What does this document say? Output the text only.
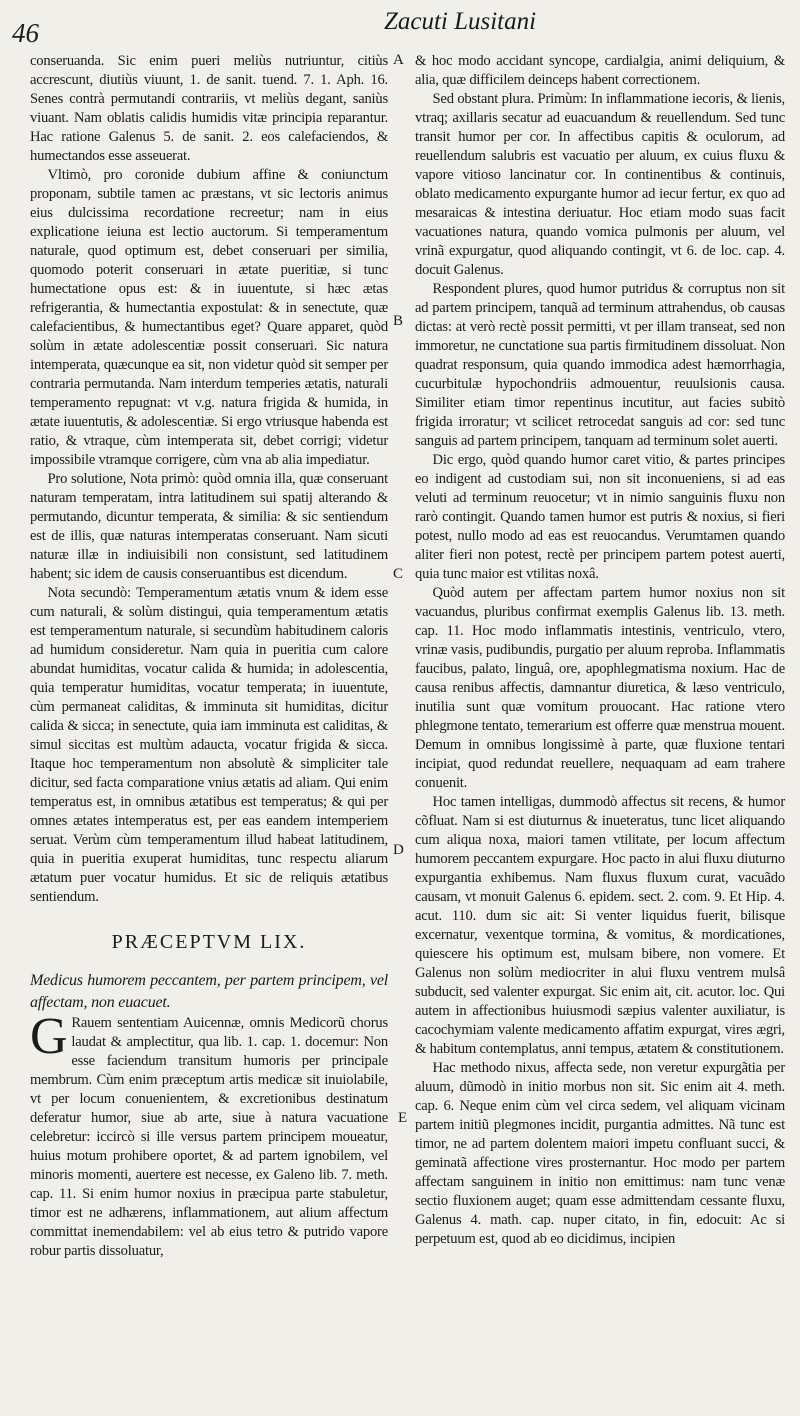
46	Zacuti Lusitani

conseruanda. Sic enim pueri meliùs nutriuntur, citiùs accrescunt, diutiùs viuunt, 1. de sanit. tuend. 7. 1. Aph. 16. Senes contrà permutandi contrariis, vt meliùs degant, saniùs viuant. Nam oblatis calidis humidis vitæ principia reparantur. Hac ratione Galenus 5. de sanit. 2. eos calefaciendos, & humectandos esse asseuerat.

Vltimò, pro coronide dubium affine & coniunctum proponam, subtile tamen ac præstans, vt sic lectoris animus eius dulcissima recordatione recreetur; nam in eius explicatione ieiuna est lectio auctorum. Si temperamentum naturale, quod optimum est, debet conseruari per similia, quomodo poterit conseruari in ætate pueritiæ, si tunc humectatione opus est: & in iuuentute, si hæc ætas refrigerantia, & humectantia expostulat: & in senectute, quæ calefacientibus, & humectantibus eget? Quare apparet, quòd solùm in ætate adolescentiæ possit conseruari. Sic natura intemperata, quæcunque ea sit, non videtur quòd sit semper per contraria permutanda. Nam interdum temperies ætatis, naturali temperamento repugnat: vt v.g. natura frigida & humida, in ætate iuuentutis, & adolescentiæ. Si ergo vtriusque habenda est ratio, & vtraque, cùm intemperata sit, debet corrigi; videtur impossibile vtramque corrigere, cùm vna ab alia impediatur.

Pro solutione, Nota primò: quòd omnia illa, quæ conseruant naturam temperatam, intra latitudinem sui spatij alterando & permutando, dicuntur temperata, & similia: & sic sentiendum est de illis, quæ naturas intemperatas conseruant. Nam sicuti naturæ illæ in indiuisibili non consistunt, sed latitudinem habent; sic idem de causis conseruantibus est dicendum.

Nota secundò: Temperamentum ætatis vnum & idem esse cum naturali, & solùm distingui, quia temperamentum ætatis est temperamentum naturale, si secundùm habitudinem caloris ad humidum consideretur. Nam quia in pueritia cum calore abundat humiditas, vocatur calida & humida; in adolescentia, quia temperatur humiditas, vocatur temperata; in iuuentute, cùm permaneat caliditas, & imminuta sit humiditas, dicitur calida & sicca; in senectute, quia iam imminuta est caliditas, & simul siccitas est multùm adaucta, vocatur frigida & sicca. Itaque hoc temperamentum non absolutè & simpliciter tale dicitur, sed facta comparatione vnius ætatis ad aliam. Qui enim temperatus est, in omnibus ætatibus est temperatus; & qui per omnes ætates intemperatus est, per eas eandem intemperiem seruat. Verùm cùm temperamentum illud habeat latitudinem, quia in pueritia exuperat humiditas, tunc respectu aliarum ætatum puer vocatur humidus. Et sic de reliquis ætatibus sentiendum.

PRÆCEPTVM LIX.

Medicus humorem peccantem, per partem principem, vel affectam, non euacuet.

G Rauem sententiam Auicennæ, omnis Medicorũ chorus laudat & amplectitur, qua lib. 1. cap. 1. docemur: Non esse faciendum transitum humoris per principale membrum. Cùm enim præceptum artis medicæ sit inuiolabile, vt per locum conuenientem, & excretionibus destinatum deferatur humor, siue ab arte, siue à natura vacuatione celebretur: iccircò si ille versus partem principem moueatur, huius motum prohibere oportet, & ad partem ignobilem, vel minoris momenti, auertere est necesse, ex Galeno lib. 7. meth. cap. 11. Si enim humor noxius in præcipua parte stabuletur, timor est ne adhærens, inflammationem, aut alium affectum committat inemendabilem: vel ab eius tetro & putrido vapore robur partis dissoluatur,

A
B
C
D
E

& hoc modo accidant syncope, cardialgia, animi deliquium, & alia, quæ difficilem deinceps habent correctionem.

Sed obstant plura. Primùm: In inflammatione iecoris, & lienis, vtraq; axillaris secatur ad euacuandum & reuellendum. Sed tunc transit humor per cor. In affectibus capitis & oculorum, ad reuellendum salubris est vacuatio per aluum, ex cuius fluxu & vapore vitioso lancinatur cor. In continentibus & continuis, oblato medicamento expurgante humor ad iecur fertur, ex quo ad mesaraicas & intestina deriuatur. Hoc etiam modo suas facit vacuationes natura, quando vomica pulmonis per aluum, vel vrinã expurgatur, quod aliquando contingit, vt 6. de loc. cap. 4. docuit Galenus.

Respondent plures, quod humor putridus & corruptus non sit ad partem principem, tanquã ad terminum attrahendus, ob causas dictas: at verò rectè possit permitti, vt per illam transeat, sed non immoretur, ne cunctatione sua partis firmitudinem dissoluat. Non quadrat responsum, quia quando immodica adest hæmorrhagia, cucurbitulæ hypochondriis admouentur, reuulsionis causa. Similiter etiam timor repentinus incutitur, aut facies subitò frigida irroratur; vt scilicet retrocedat sanguis ad cor: sed tunc sanguis ad partem principem, tanquam ad terminum solet auerti.

Dic ergo, quòd quando humor caret vitio, & partes principes eo indigent ad custodiam sui, non sit inconueniens, si ad eas veluti ad terminum reuocetur; vt in nimio sanguinis fluxu non rarò contingit. Quando tamen humor est putris & noxius, si fieri potest, nullo modo ad eas est reuocandus. Verumtamen quando aliter fieri non potest, rectè per principem partem potest auerti, quia tunc maior est vtilitas noxâ.

Quòd autem per affectam partem humor noxius non sit vacuandus, pluribus confirmat exemplis Galenus lib. 13. meth. cap. 11. Hoc modo inflammatis intestinis, ventriculo, vtero, vrinæ vasis, pudibundis, purgatio per aluum reproba. Inflammatis faucibus, palato, linguâ, ore, apophlegmatisma noxium. Hac de causa renibus affectis, damnantur diuretica, & læso ventriculo, inutilia sunt quæ vomitum prouocant. Hac ratione vtero phlegmone tentato, temerarium est offerre quæ menstrua mouent. Demum in omnibus longissimè à parte, quæ fluxione tentari incipiat, quod redundat reuellere, nequaquam ad eam trahere conuenit.

Hoc tamen intelligas, dummodò affectus sit recens, & humor cõfluat. Nam si est diuturnus & inueteratus, tunc licet aliquando cum aliqua noxa, maiori tamen vtilitate, per locum affectum humorem peccantem expurgare. Hoc pacto in alui fluxu diuturno expurgantia exhibemus. Nam fluxus fluxum curat, vacuãdo causam, vt monuit Galenus 6. epidem. sect. 2. com. 9. Et Hip. 4. acut. 110. dum sic ait: Si venter liquidus fuerit, bilisque excernatur, vexentque tormina, & vomitus, & mordicationes, quiescere his optimum est, mulsam bibere, non vomere. Et Galenus non solùm mediocriter in alui fluxu ventrem mulsâ subducit, sed valenter expurgat. Sic enim ait, cit. acutor. loc. Qui autem in affectionibus huiusmodi sæpius valenter auxiliatur, is cacochymiam valente medicamento affatim expurgat, vires ægri, & habitum contemplatus, anni tempus, ætatem & constitutionem.

Hac methodo nixus, affecta sede, non veretur expurgãtia per aluum, dũmodò in initio morbus non sit. Sic enim ait 4. meth. cap. 6. Neque enim cùm vel circa sedem, vel aliquam vicinam partem initiũ plegmones incidit, purgantia admittes. Nã tunc est timor, ne ad partem dolentem maiori impetu confluant succi, & geminatã affectione vires prosternantur. Hoc modo per partem affectam sanguinem in initio non emittimus: nam tunc venæ sectio fluxionem auget; quam esse admittendam cessante fluxu, Galenus 4. math. cap. nuper citato, in fin, edocuit: Ac si perpetuum est, quod ab eo dicidimus, incipien
